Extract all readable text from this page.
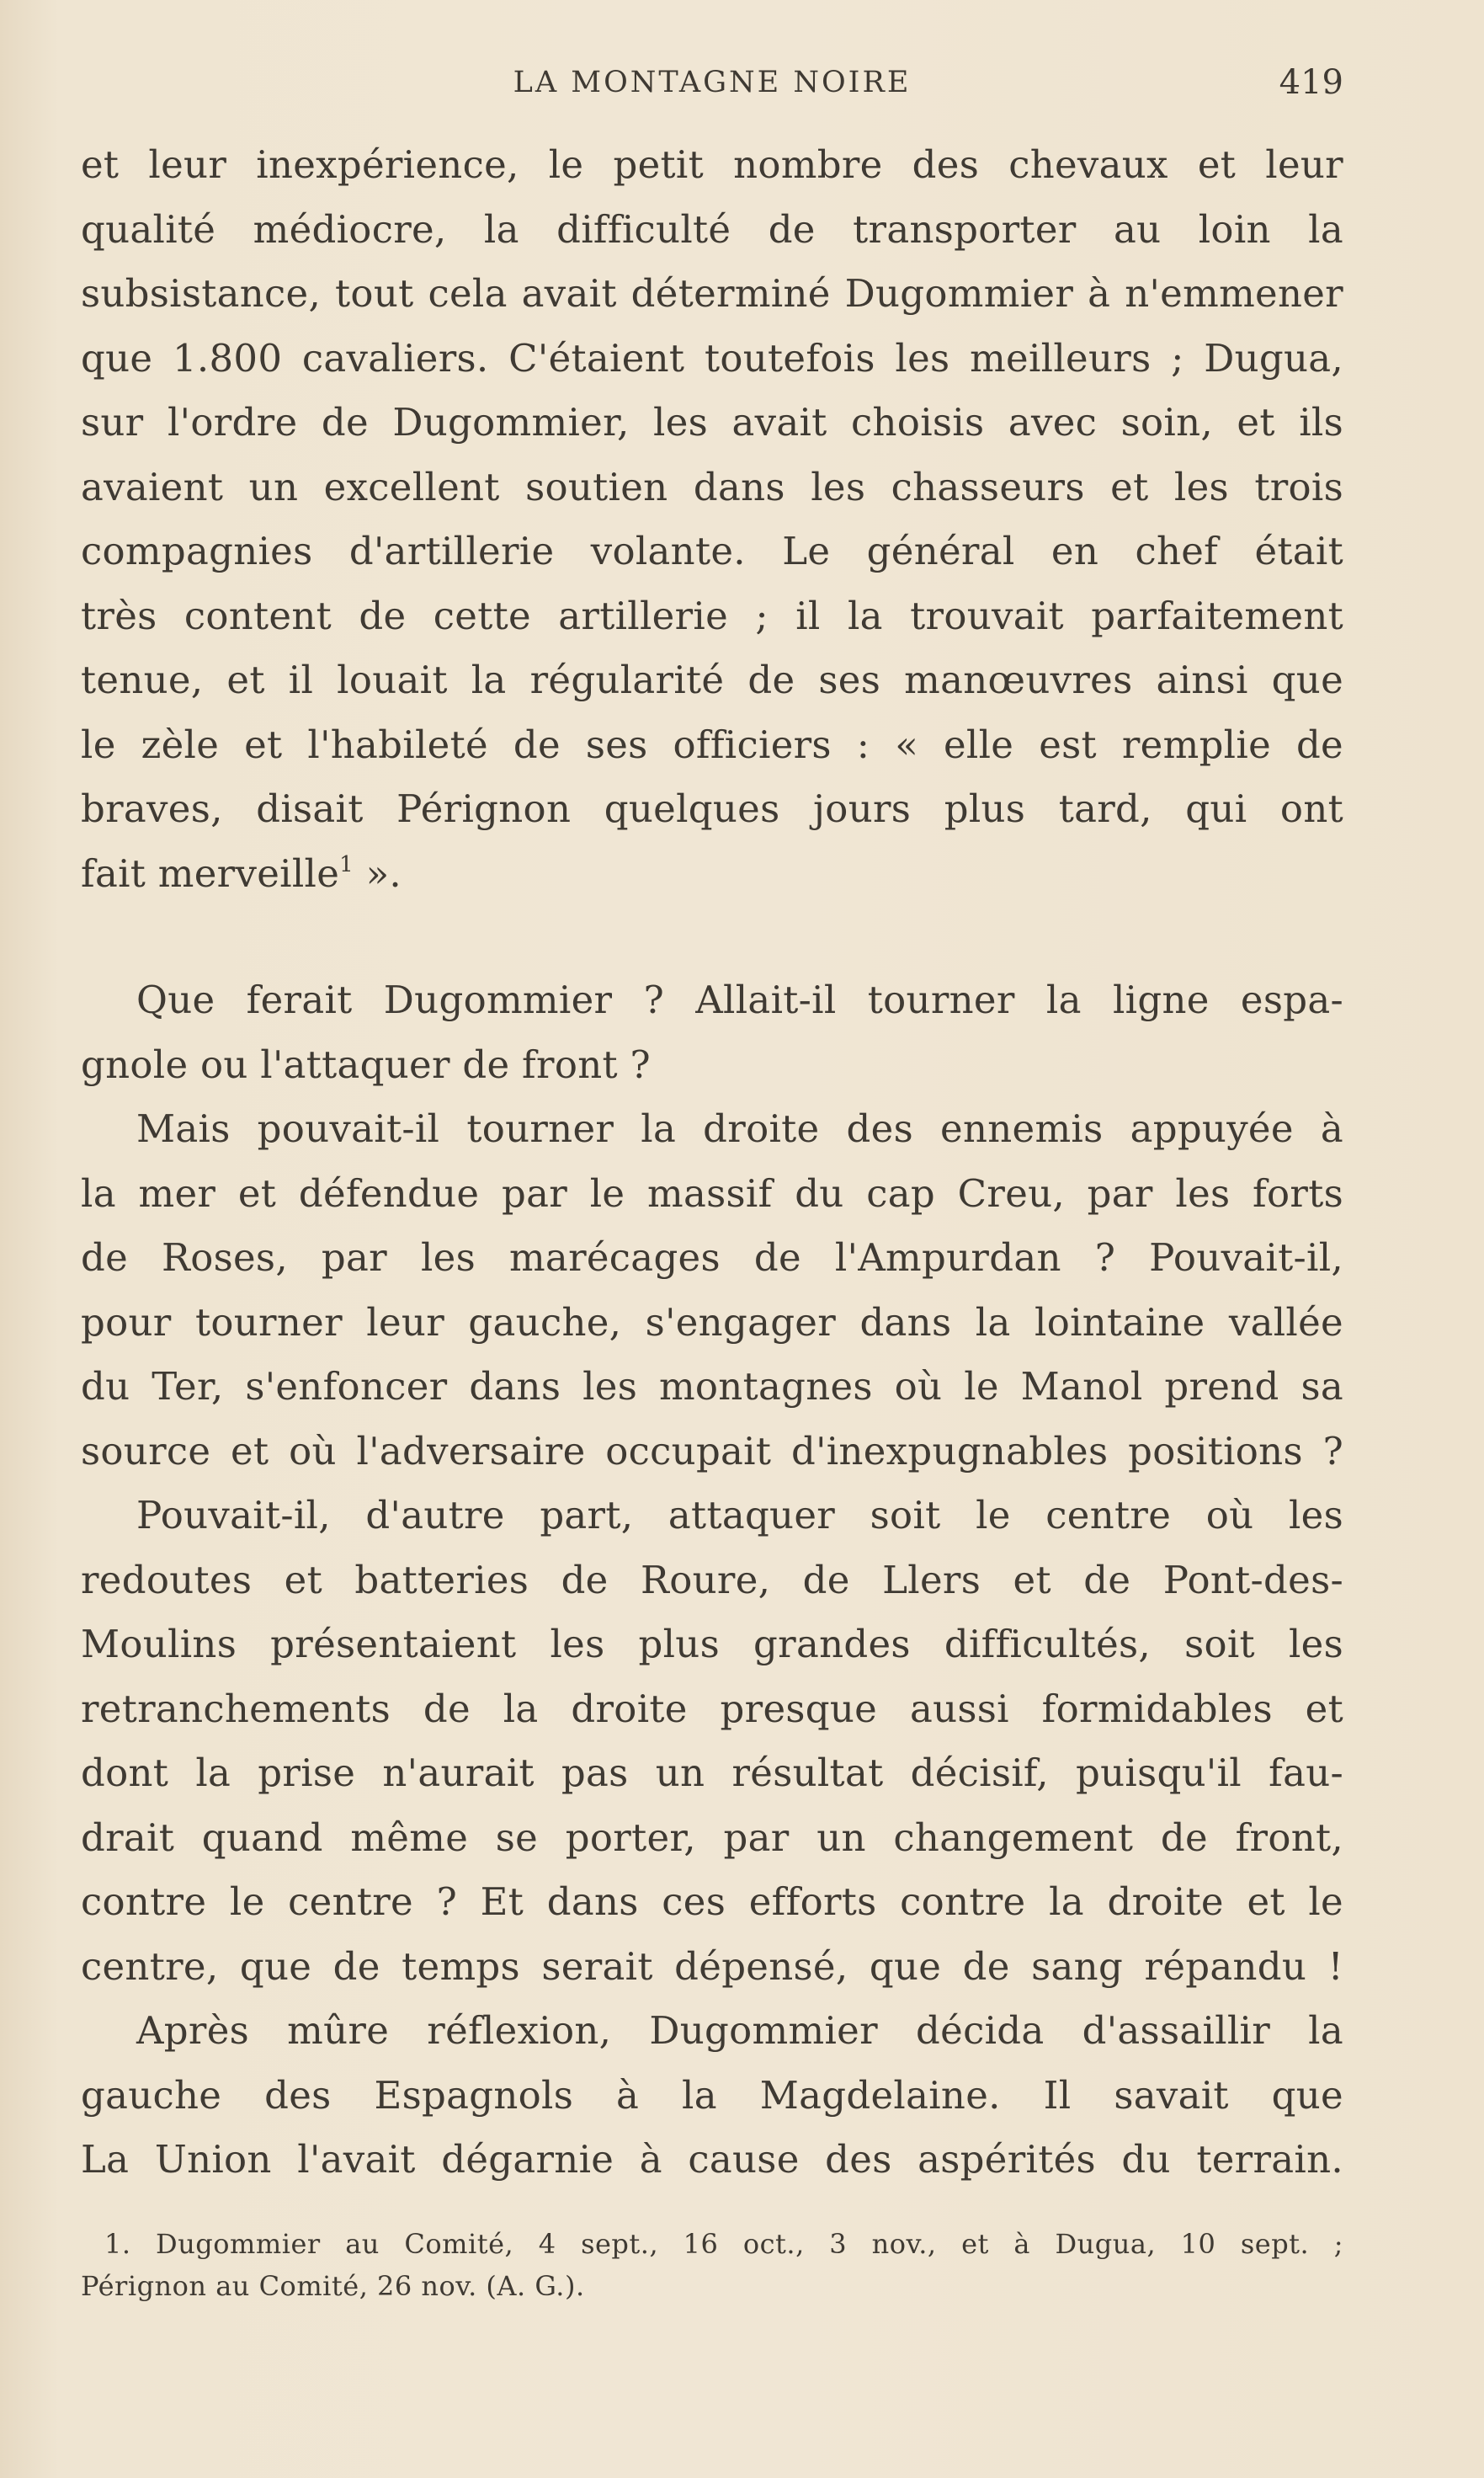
LA MONTAGNE NOIRE	419
et leur inexpérience, le petit nombre des chevaux et leur
qualité médiocre, la difficulté de transporter au loin la
subsistance, tout cela avait déterminé Dugommier à n'emmener
que 1.800 cavaliers. C'étaient toutefois les meilleurs ; Dugua,
sur l'ordre de Dugommier, les avait choisis avec soin, et ils
avaient un excellent soutien dans les chasseurs et les trois
compagnies d'artillerie volante. Le général en chef était
très content de cette artillerie ; il la trouvait parfaitement
tenue, et il louait la régularité de ses manœuvres ainsi que
le zèle et l'habileté de ses officiers : « elle est remplie de
braves, disait Pérignon quelques jours plus tard, qui ont
fait merveille$^1$ ».
Que ferait Dugommier ? Allait-il tourner la ligne espa-
gnole ou l'attaquer de front ?
Mais pouvait-il tourner la droite des ennemis appuyée à
la mer et défendue par le massif du cap Creu, par les forts
de Roses, par les marécages de l'Ampurdan ? Pouvait-il,
pour tourner leur gauche, s'engager dans la lointaine vallée
du Ter, s'enfoncer dans les montagnes où le Manol prend sa
source et où l'adversaire occupait d'inexpugnables positions ?
Pouvait-il, d'autre part, attaquer soit le centre où les
redoutes et batteries de Roure, de Llers et de Pont-des-
Moulins présentaient les plus grandes difficultés, soit les
retranchements de la droite presque aussi formidables et
dont la prise n'aurait pas un résultat décisif, puisqu'il fau-
drait quand même se porter, par un changement de front,
contre le centre ? Et dans ces efforts contre la droite et le
centre, que de temps serait dépensé, que de sang répandu !
Après mûre réflexion, Dugommier décida d'assaillir la
gauche des Espagnols à la Magdelaine. Il savait que
La Union l'avait dégarnie à cause des aspérités du terrain.
1. Dugommier au Comité, 4 sept., 16 oct., 3 nov., et à Dugua, 10 sept. ;
Pérignon au Comité, 26 nov. (A. G.).
